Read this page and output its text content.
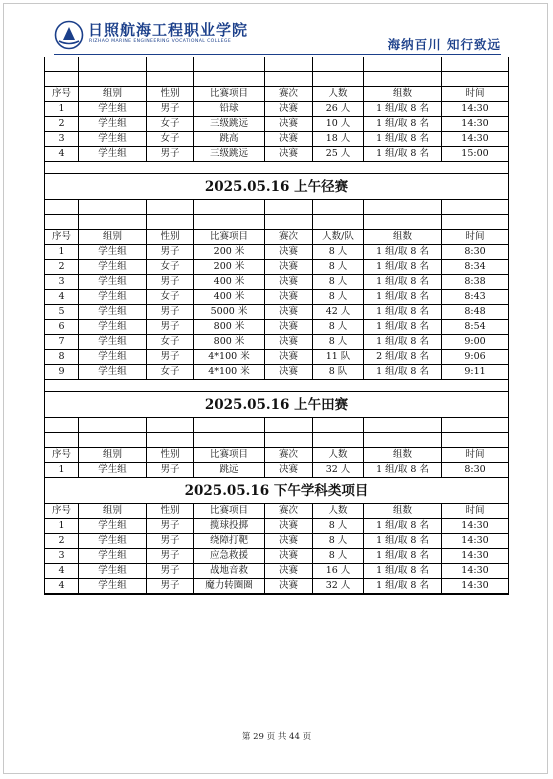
日照航海工程职业学院
RIZHAO MARINE ENGINEERING VOCATIONAL COLLEGE	海纳百川 知行致远
序号	组别	性别	比赛项目	赛次	人数	组数	时间
1	学生组	男子	铅球	决赛	26 人	1 组/取 8 名	14:30
2	学生组	女子	三级跳远	决赛	10 人	1 组/取 8 名	14:30
3	学生组	女子	跳高	决赛	18 人	1 组/取 8 名	14:30
4	学生组	男子	三级跳远	决赛	25 人	1 组/取 8 名	15:00
2025.05.16 上午径赛
序号	组别	性别	比赛项目	赛次	人数/队	组数	时间
1	学生组	男子	200 米	决赛	8 人	1 组/取 8 名	8:30
2	学生组	女子	200 米	决赛	8 人	1 组/取 8 名	8:34
3	学生组	男子	400 米	决赛	8 人	1 组/取 8 名	8:38
4	学生组	女子	400 米	决赛	8 人	1 组/取 8 名	8:43
5	学生组	男子	5000 米	决赛	42 人	1 组/取 8 名	8:48
6	学生组	男子	800 米	决赛	8 人	1 组/取 8 名	8:54
7	学生组	女子	800 米	决赛	8 人	1 组/取 8 名	9:00
8	学生组	男子	4*100 米	决赛	11 队	2 组/取 8 名	9:06
9	学生组	女子	4*100 米	决赛	8 队	1 组/取 8 名	9:11
2025.05.16 上午田赛
序号	组别	性别	比赛项目	赛次	人数	组数	时间
1	学生组	男子	跳远	决赛	32 人	1 组/取 8 名	8:30
2025.05.16 下午学科类项目
序号	组别	性别	比赛项目	赛次	人数	组数	时间
1	学生组	男子	揽球投掷	决赛	8 人	1 组/取 8 名	14:30
2	学生组	男子	绕障打靶	决赛	8 人	1 组/取 8 名	14:30
3	学生组	男子	应急救援	决赛	8 人	1 组/取 8 名	14:30
4	学生组	男子	战地音救	决赛	16 人	1 组/取 8 名	14:30
4	学生组	男子	魔力转圈圈	决赛	32 人	1 组/取 8 名	14:30
第 29 页 共 44 页
